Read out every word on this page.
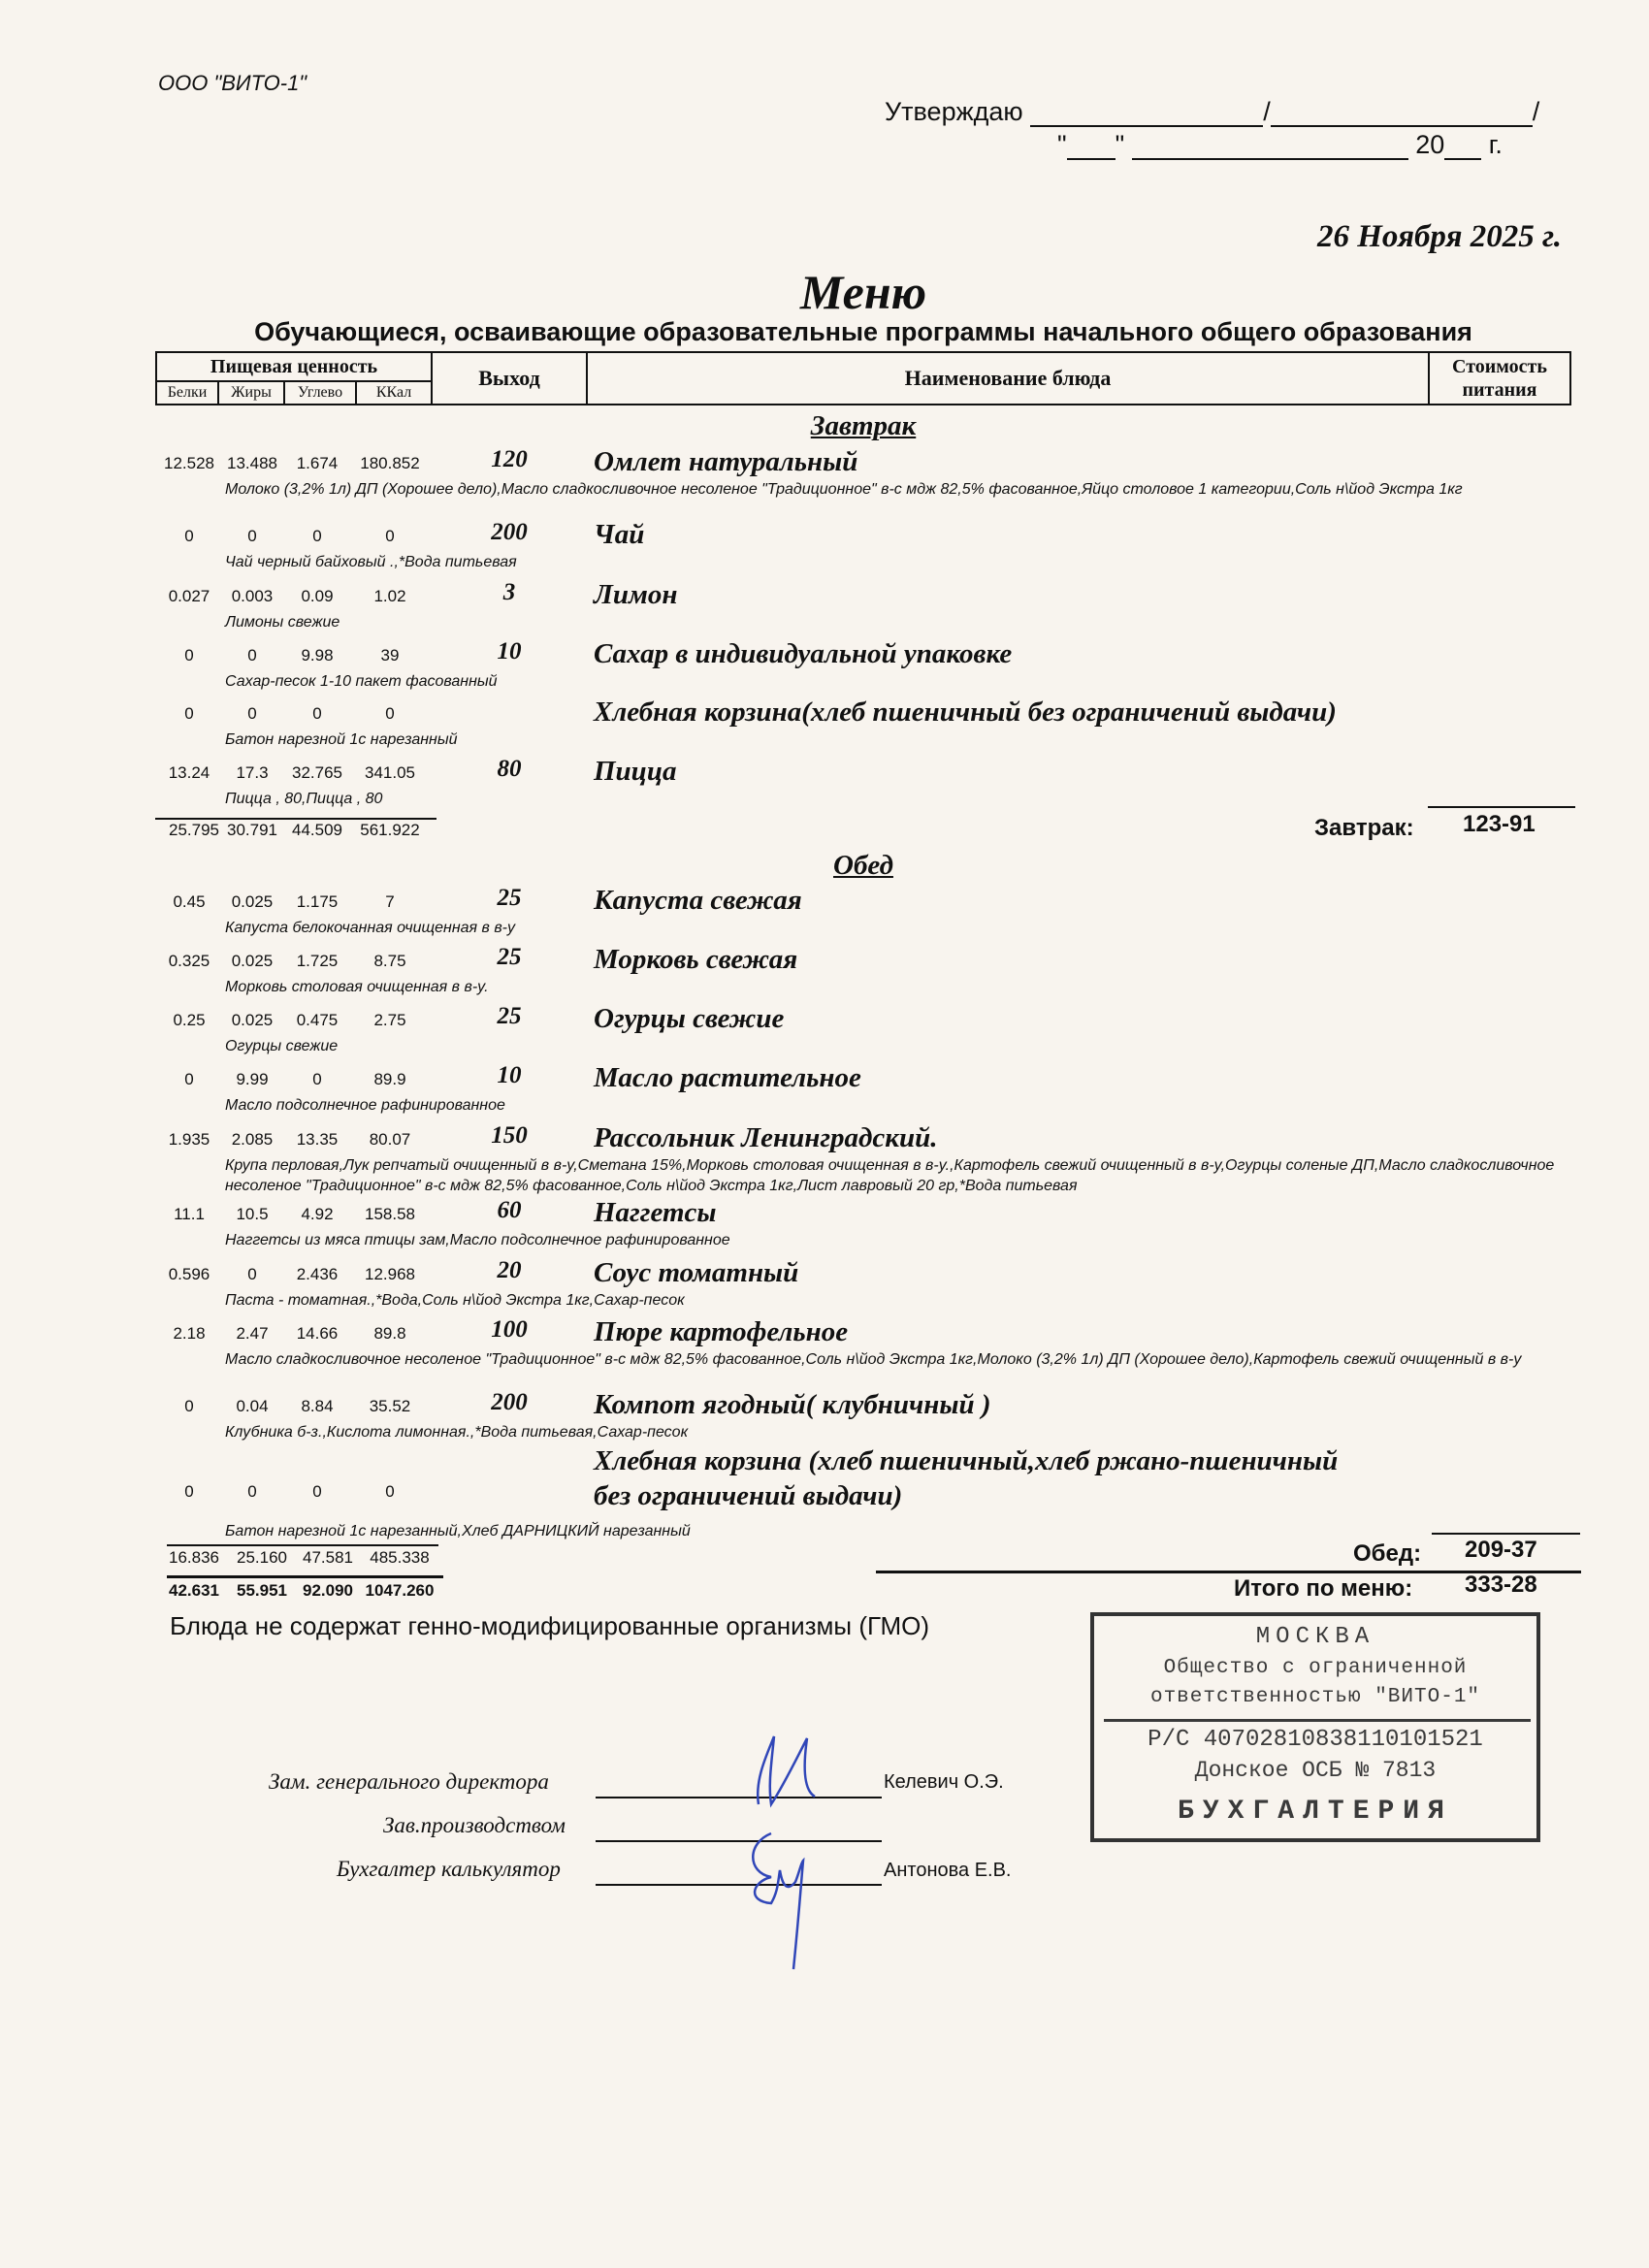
ООО "ВИТО-1"
Утверждаю	/	/
" "	20 г.
26 Ноября 2025 г.
Меню
Обучающиеся, осваивающие образовательные программы начального общего образования
Пищевая ценность
Белки	Жиры	Углево	ККал
Выход	Наименование блюда	Стоимость
питания
Завтрак
12.528 13.488	1.674	180.852	120	Омлет натуральный
Молоко (3,2% 1л) ДП (Хорошее дело),Масло сладкосливочное несоленое "Традиционное" в-с мдж 82,5% фасованное,Яйцо столовое 1 категории,Соль н\йод Экстра 1кг
0	0	0	0	200	Чай
Чай черный байховый .,*Вода питьевая
0.027	0.003	0.09	1.02	3	Лимон
Лимоны свежие
0	0	9.98	39	10	Сахар в индивидуальной упаковке
Сахар-песок 1-10 пакет фасованный
0	0	0	0	Хлебная корзина(хлеб пшеничный без ограничений выдачи)
Батон нарезной 1с нарезанный
13.24	17.3	32.765	341.05	80	Пицца
Пицца , 80,Пицца , 80
25.795 30.791 44.509	561.922	Завтрак: 123-91
Обед
0.45	0.025	1.175	7	25	Капуста свежая
Капуста белокочанная очищенная в в-у
0.325	0.025	1.725	8.75	25	Морковь свежая
Морковь столовая очищенная в в-у.
0.25	0.025	0.475	2.75	25	Огурцы свежие
Огурцы свежие
0	9.99	0	89.9	10	Масло растительное
Масло подсолнечное рафинированное
1.935	2.085	13.35	80.07	150	Рассольник Ленинградский.
Крупа перловая,Лук репчатый очищенный в в-у,Сметана 15%,Морковь столовая очищенная в в-у.,Картофель свежий очищенный в в-у,Огурцы соленые ДП,Масло сладкосливочное несоленое "Традиционное" в-с мдж 82,5% фасованное,Соль н\йод Экстра 1кг,Лист лавровый 20 гр,*Вода питьевая
11.1	10.5	4.92	158.58	60	Наггетсы
Наггетсы из мяса птицы зам,Масло подсолнечное рафинированное
0.596	0	2.436	12.968	20	Соус томатный
Паста - томатная.,*Вода,Соль н\йод Экстра 1кг,Сахар-песок
2.18	2.47	14.66	89.8	100	Пюре картофельное
Масло сладкосливочное несоленое "Традиционное" в-с мдж 82,5% фасованное,Соль н\йод Экстра 1кг,Молоко (3,2% 1л) ДП (Хорошее дело),Картофель свежий очищенный в в-у
0	0.04	8.84	35.52	200	Компот ягодный( клубничный )
Клубника б-з.,Кислота лимонная.,*Вода питьевая,Сахар-песок
0	0	0	0
Хлебная корзина (хлеб пшеничный,хлеб ржано-пшеничный
без ограничений выдачи)
Батон нарезной 1с нарезанный,Хлеб ДАРНИЦКИЙ нарезанный
16.836	25.160 47.581	485.338	Обед: 209-37
42.631	55.951 92.090 1047.260	Итого по меню: 333-28
Блюда не содержат генно-модифицированные организмы (ГМО)
Зам. генерального директора	Келевич О.Э.
Зав.производством
Бухгалтер калькулятор	Антонова Е.В.
МОСКВА
Общество с ограниченной
ответственностью "ВИТО-1"
Р/С 40702810838110101521
Донское ОСБ № 7813
БУХГАЛТЕРИЯ
